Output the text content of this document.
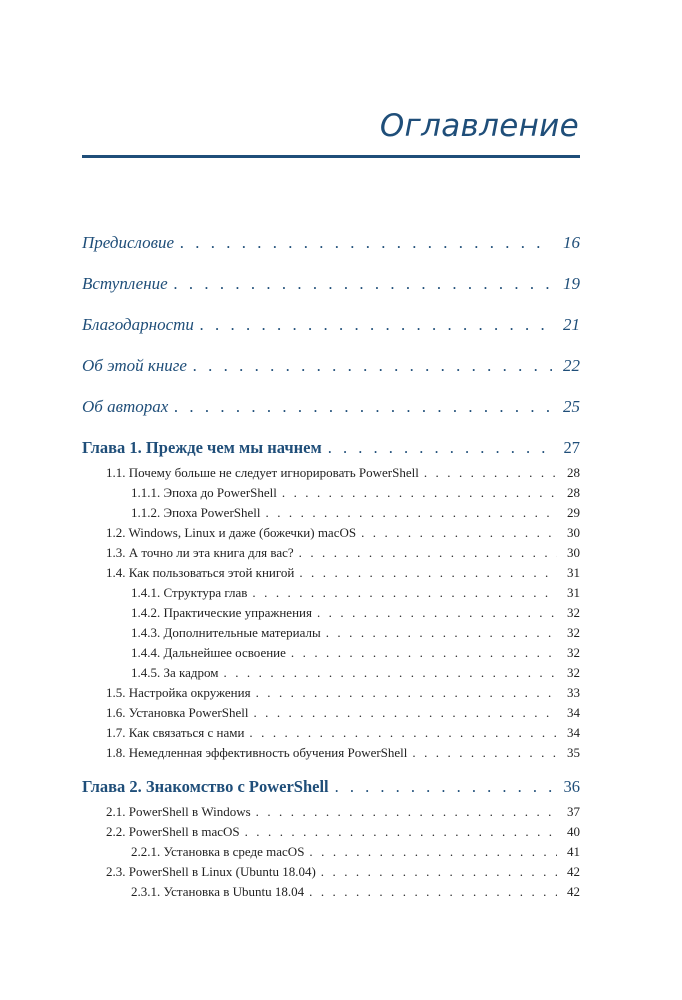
Оглавление
Предисловие . . .	16
Вступление . . .	19
Благодарности . . .	21
Об этой книге . . .	22
Об авторах . . .	25
Глава 1. Прежде чем мы начнем . . .	27
1.1. Почему больше не следует игнорировать PowerShell . . .	28
1.1.1. Эпоха до PowerShell . . .	28
1.1.2. Эпоха PowerShell . . .	29
1.2. Windows, Linux и даже (божечки) macOS . . .	30
1.3. А точно ли эта книга для вас? . . .	30
1.4. Как пользоваться этой книгой . . .	31
1.4.1. Структура глав . . .	31
1.4.2. Практические упражнения . . .	32
1.4.3. Дополнительные материалы . . .	32
1.4.4. Дальнейшее освоение . . .	32
1.4.5. За кадром . . .	32
1.5. Настройка окружения . . .	33
1.6. Установка PowerShell . . .	34
1.7. Как связаться с нами . . .	34
1.8. Немедленная эффективность обучения PowerShell . . .	35
Глава 2. Знакомство с PowerShell . . .	36
2.1. PowerShell в Windows . . .	37
2.2. PowerShell в macOS . . .	40
2.2.1. Установка в среде macOS . . .	41
2.3. PowerShell в Linux (Ubuntu 18.04) . . .	42
2.3.1. Установка в Ubuntu 18.04 . . .	42
